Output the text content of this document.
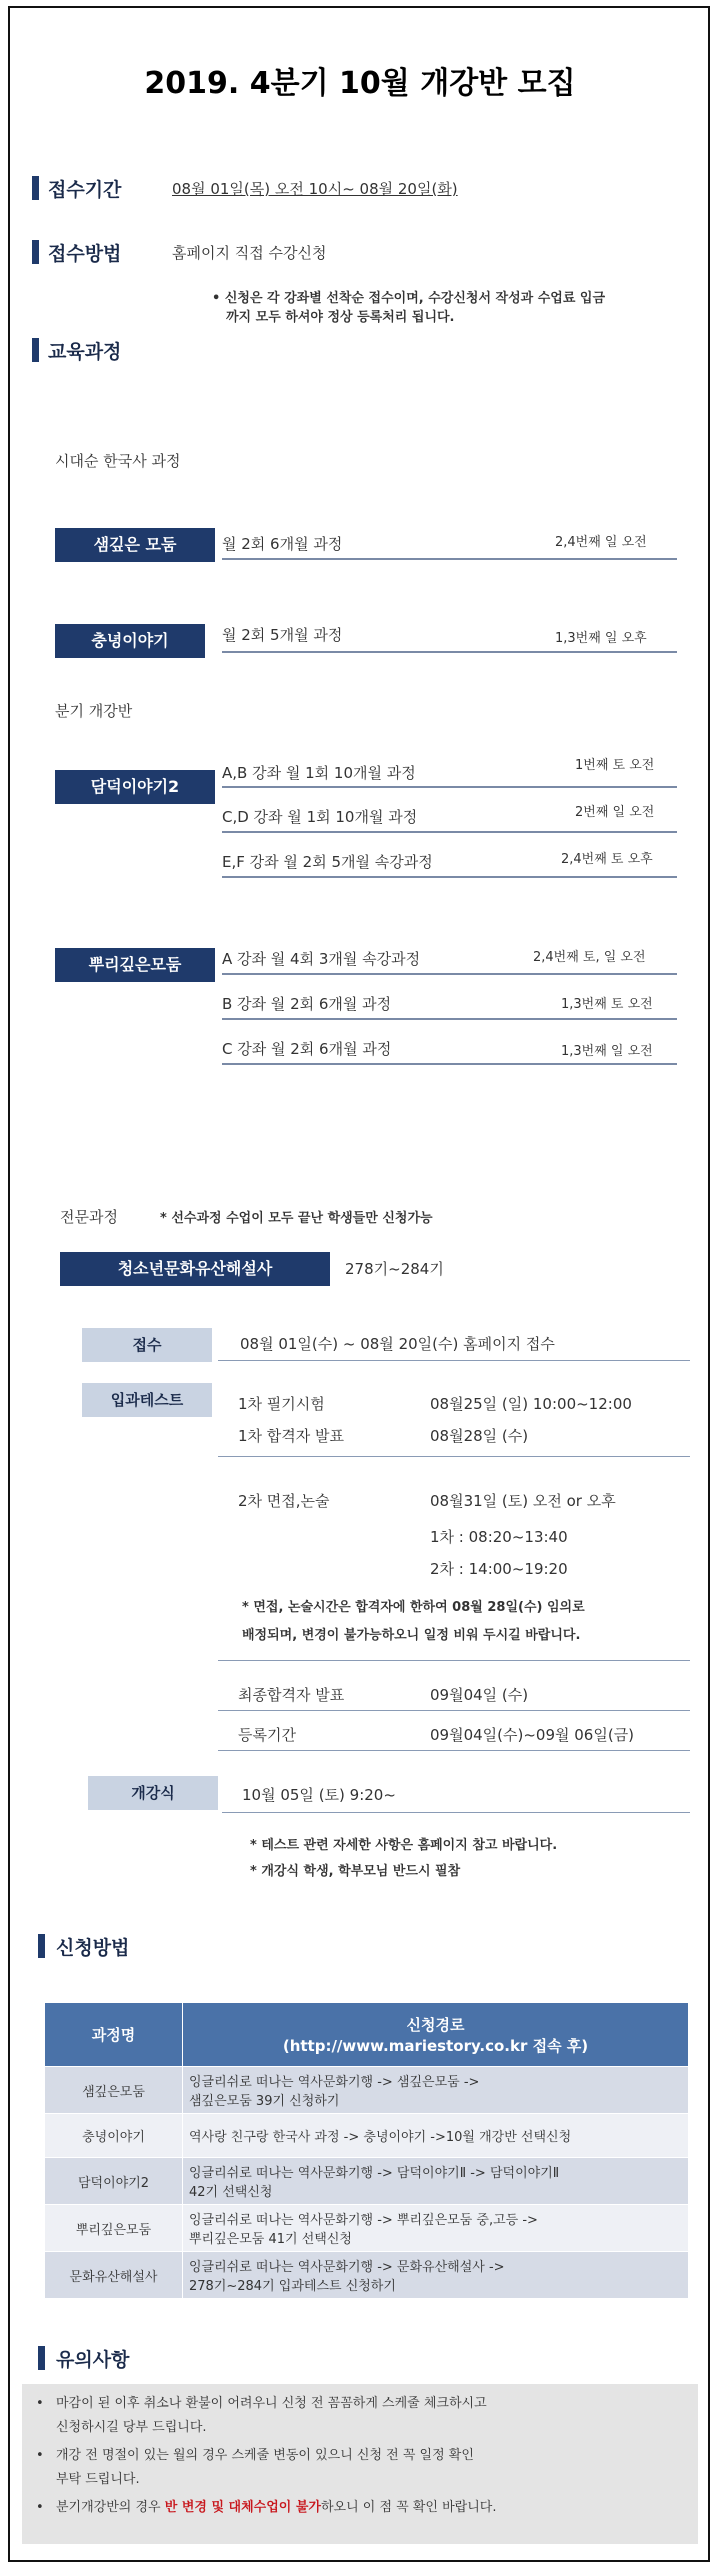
2019. 4분기 10월 개강반 모집
접수기간	08월 01일(목) 오전 10시~ 08월 20일(화)
접수방법	홈페이지 직접 수강신청
• 신청은 각 강좌별 선착순 접수이며, 수강신청서 작성과 수업료 입금
까지 모두 하셔야 정상 등록처리 됩니다.
교육과정
시대순 한국사 과정
샘깊은 모둠	월 2회 6개월 과정	2,4번째 일 오전
충녕이야기	월 2회 5개월 과정	1,3번째 일 오후
분기 개강반
담덕이야기2
A,B 강좌 월 1회 10개월 과정	1번째 토 오전
C,D 강좌 월 1회 10개월 과정	2번째 일 오전
E,F 강좌 월 2회 5개월 속강과정	2,4번째 토 오후
뿌리깊은모둠	A 강좌 월 4회 3개월 속강과정	2,4번째 토, 일 오전
B 강좌 월 2회 6개월 과정	1,3번째 토 오전
C 강좌 월 2회 6개월 과정	1,3번째 일 오전
전문과정	* 선수과정 수업이 모두 끝난 학생들만 신청가능
청소년문화유산해설사	278기~284기
접수	08월 01일(수) ~ 08월 20일(수) 홈페이지 접수
입과테스트	1차 필기시험	08월25일 (일) 10:00~12:00
1차 합격자 발표	08월28일 (수)
2차 면접,논술	08월31일 (토) 오전 or 오후
1차 : 08:20~13:40
2차 : 14:00~19:20
* 면접, 논술시간은 합격자에 한하여 08월 28일(수) 임의로
배정되며, 변경이 불가능하오니 일정 비워 두시길 바랍니다.
최종합격자 발표	09월04일 (수)
등록기간	09월04일(수)~09월 06일(금)
개강식	10월 05일 (토) 9:20~
* 테스트 관련 자세한 사항은 홈페이지 참고 바랍니다.
* 개강식 학생, 학부모님 반드시 필참
신청방법
과정명	신청경로
(http://www.mariestory.co.kr 접속 후)

샘깊은모둠	잉글리쉬로 떠나는 역사문화기행 -> 샘깊은모둠 ->
샘깊은모둠 39기 신청하기

충녕이야기	역사랑 친구랑 한국사 과정 -> 충녕이야기 ->10월 개강반 선택신청

담덕이야기2	잉글리쉬로 떠나는 역사문화기행 -> 담덕이야기Ⅱ -> 담덕이야기Ⅱ
42기 선택신청

뿌리깊은모둠	잉글리쉬로 떠나는 역사문화기행 -> 뿌리깊은모둠 중,고등 ->
뿌리깊은모둠 41기 선택신청

문화유산해설사	잉글리쉬로 떠나는 역사문화기행 -> 문화유산해설사 ->
278기~284기 입과테스트 신청하기
유의사항
• 마감이 된 이후 취소나 환불이 어려우니 신청 전 꼼꼼하게 스케줄 체크하시고
신청하시길 당부 드립니다.
• 개강 전 명절이 있는 월의 경우 스케줄 변동이 있으니 신청 전 꼭 일정 확인
부탁 드립니다.
• 분기개강반의 경우 반 변경 및 대체수업이 불가하오니 이 점 꼭 확인 바랍니다.
